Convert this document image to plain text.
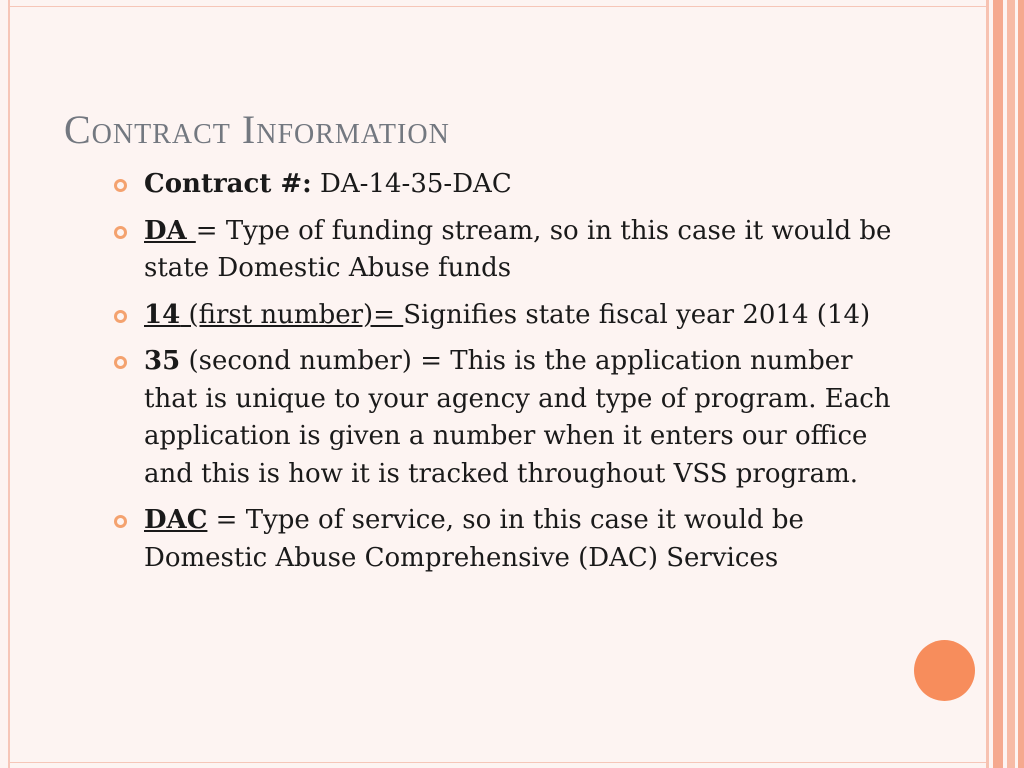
Contract Information
Contract #: DA-14-35-DAC
DA = Type of funding stream, so in this case it would be state Domestic Abuse funds
14 (first number)= Signifies state fiscal year 2014 (14)
35 (second number) = This is the application number that is unique to your agency and type of program. Each application is given a number when it enters our office and this is how it is tracked throughout VSS program.
DAC = Type of service, so in this case it would be Domestic Abuse Comprehensive (DAC) Services
